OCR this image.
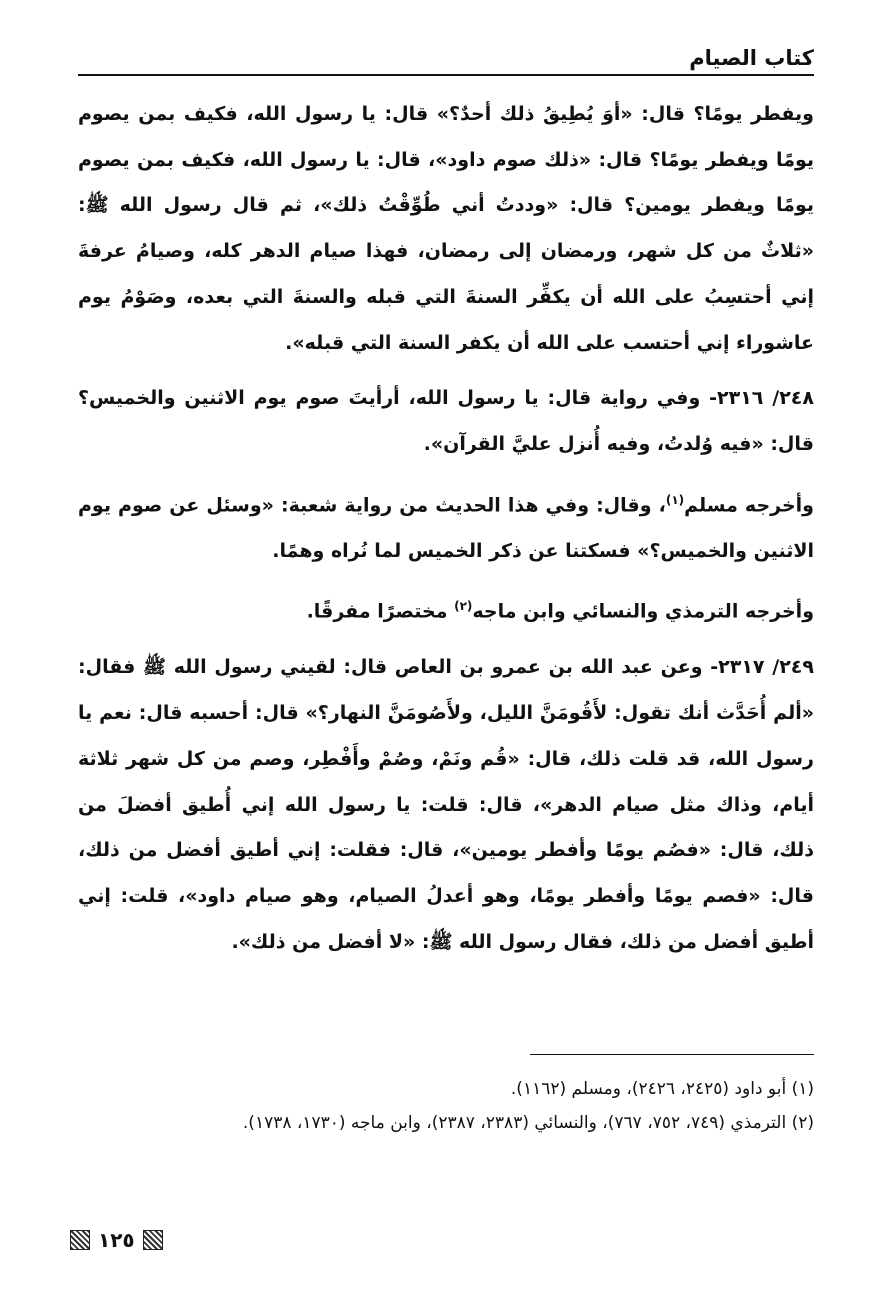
كتاب الصيام

ويفطر يومًا؟ قال: «أوَ يُطِيقُ ذلك أحدٌ؟» قال: يا رسول الله، فكيف بمن يصوم يومًا ويفطر يومًا؟ قال: «ذلك صوم داود»، قال: يا رسول الله، فكيف بمن يصوم يومًا ويفطر يومين؟ قال: «وددتُ أني طُوِّقْتُ ذلك»، ثم قال رسول الله ﷺ: «ثلاثٌ من كل شهر، ورمضان إلى رمضان، فهذا صيام الدهر كله، وصيامُ عرفةَ إني أحتسِبُ على الله أن يكفِّر السنةَ التي قبله والسنةَ التي بعده، وصَوْمُ يوم عاشوراء إني أحتسب على الله أن يكفر السنة التي قبله».

٢٤٨/ ٢٣١٦- وفي رواية قال: يا رسول الله، أرأيتَ صوم يوم الاثنين والخميس؟ قال: «فيه وُلدتُ، وفيه أُنزل عليَّ القرآن».

وأخرجه مسلم$^{(١)}$، وقال: وفي هذا الحديث من رواية شعبة: «وسئل عن صوم يوم الاثنين والخميس؟» فسكتنا عن ذكر الخميس لما نُراه وهمًا.

وأخرجه الترمذي والنسائي وابن ماجه$^{(٢)}$ مختصرًا مفرقًا.

٢٤٩/ ٢٣١٧- وعن عبد الله بن عمرو بن العاص قال: لقيني رسول الله ﷺ فقال: «ألم أُحَدَّث أنك تقول: لأَقُومَنَّ الليل، ولأَصُومَنَّ النهار؟» قال: أحسبه قال: نعم يا رسول الله، قد قلت ذلك، قال: «قُم ونَمْ، وصُمْ وأَفْطِر، وصم من كل شهر ثلاثة أيام، وذاك مثل صيام الدهر»، قال: قلت: يا رسول الله إني أُطيق أفضلَ من ذلك، قال: «فصُم يومًا وأفطر يومين»، قال: فقلت: إني أطيق أفضل من ذلك، قال: «فصم يومًا وأفطر يومًا، وهو أعدلُ الصيام، وهو صيام داود»، قلت: إني أطيق أفضل من ذلك، فقال رسول الله ﷺ: «لا أفضل من ذلك».

(١) أبو داود (٢٤٢٥، ٢٤٢٦)، ومسلم (١١٦٢).

(٢) الترمذي (٧٤٩، ٧٥٢، ٧٦٧)، والنسائي (٢٣٨٣، ٢٣٨٧)، وابن ماجه (١٧٣٠، ١٧٣٨).

١٢٥
